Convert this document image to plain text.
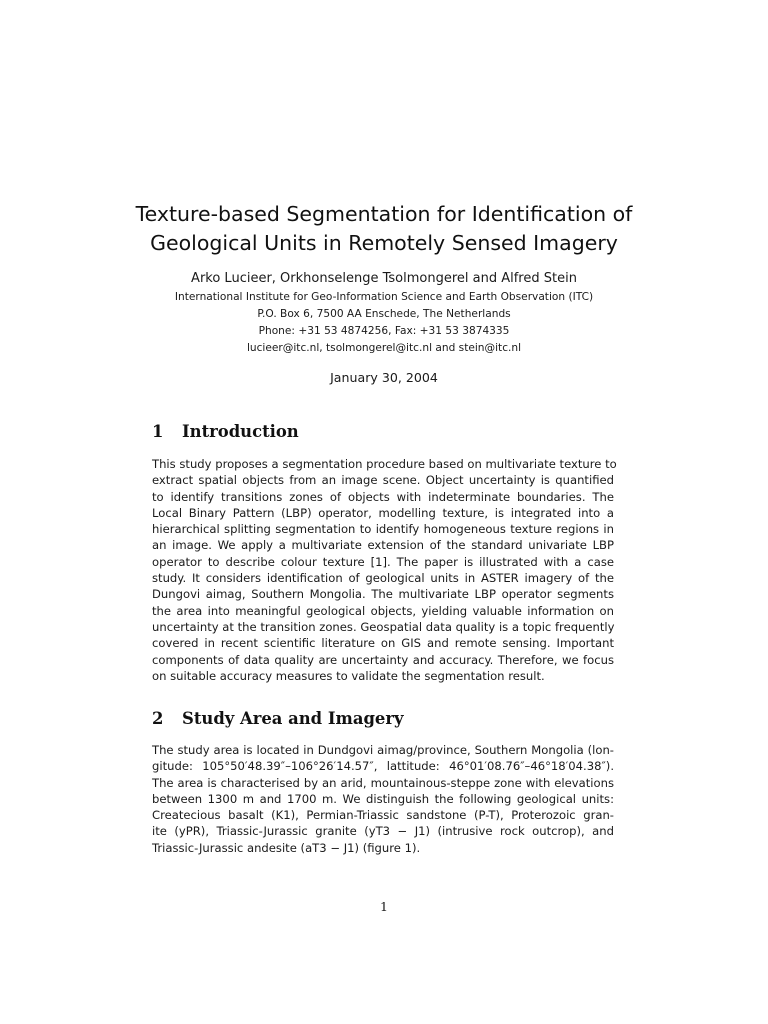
Texture-based Segmentation for Identification of
Geological Units in Remotely Sensed Imagery
Arko Lucieer, Orkhonselenge Tsolmongerel and Alfred Stein
International Institute for Geo-Information Science and Earth Observation (ITC)
P.O. Box 6, 7500 AA Enschede, The Netherlands
Phone: +31 53 4874256, Fax: +31 53 3874335
lucieer@itc.nl, tsolmongerel@itc.nl and stein@itc.nl
January 30, 2004
1 Introduction
This study proposes a segmentation procedure based on multivariate texture to
extract spatial objects from an image scene. Object uncertainty is quantified
to identify transitions zones of objects with indeterminate boundaries. The
Local Binary Pattern (LBP) operator, modelling texture, is integrated into a
hierarchical splitting segmentation to identify homogeneous texture regions in
an image. We apply a multivariate extension of the standard univariate LBP
operator to describe colour texture [1]. The paper is illustrated with a case
study. It considers identification of geological units in ASTER imagery of the
Dungovi aimag, Southern Mongolia. The multivariate LBP operator segments
the area into meaningful geological objects, yielding valuable information on
uncertainty at the transition zones. Geospatial data quality is a topic frequently
covered in recent scientific literature on GIS and remote sensing. Important
components of data quality are uncertainty and accuracy. Therefore, we focus
on suitable accuracy measures to validate the segmentation result.
2 Study Area and Imagery
The study area is located in Dundgovi aimag/province, Southern Mongolia (lon-
gitude: 105°50′48.39″–106°26′14.57″, lattitude: 46°01′08.76″–46°18′04.38″).
The area is characterised by an arid, mountainous-steppe zone with elevations
between 1300 m and 1700 m. We distinguish the following geological units:
Createcious basalt (K1), Permian-Triassic sandstone (P-T), Proterozoic gran-
ite (yPR), Triassic-Jurassic granite (yT3 − J1) (intrusive rock outcrop), and
Triassic-Jurassic andesite (aT3 − J1) (figure 1).
1
